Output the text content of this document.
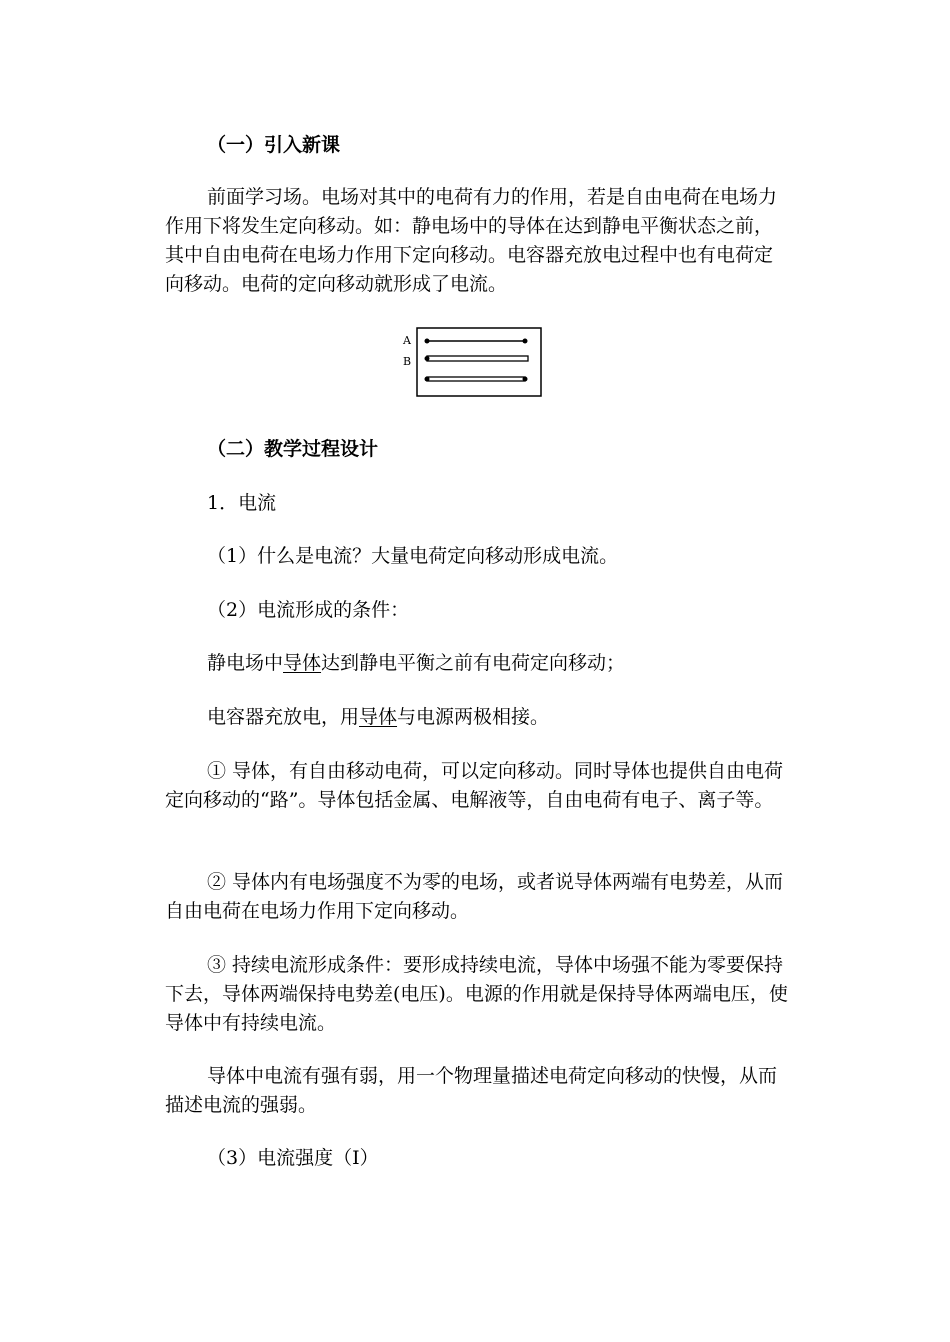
（一）引入新课

前面学习场。电场对其中的电荷有力的作用，若是自由电荷在电场力作用下将发生定向移动。如：静电场中的导体在达到静电平衡状态之前，其中自由电荷在电场力作用下定向移动。电容器充放电过程中也有电荷定向移动。电荷的定向移动就形成了电流。

A
B

（二）教学过程设计

1．电流

（1）什么是电流？大量电荷定向移动形成电流。

（2）电流形成的条件：

静电场中导体达到静电平衡之前有电荷定向移动；

电容器充放电，用导体与电源两极相接。

① 导体，有自由移动电荷，可以定向移动。同时导体也提供自由电荷定向移动的“路”。导体包括金属、电解液等，自由电荷有电子、离子等。

② 导体内有电场强度不为零的电场，或者说导体两端有电势差，从而自由电荷在电场力作用下定向移动。

③ 持续电流形成条件：要形成持续电流，导体中场强不能为零要保持下去，导体两端保持电势差(电压)。电源的作用就是保持导体两端电压，使导体中有持续电流。

导体中电流有强有弱，用一个物理量描述电荷定向移动的快慢，从而描述电流的强弱。

（3）电流强度（I）
